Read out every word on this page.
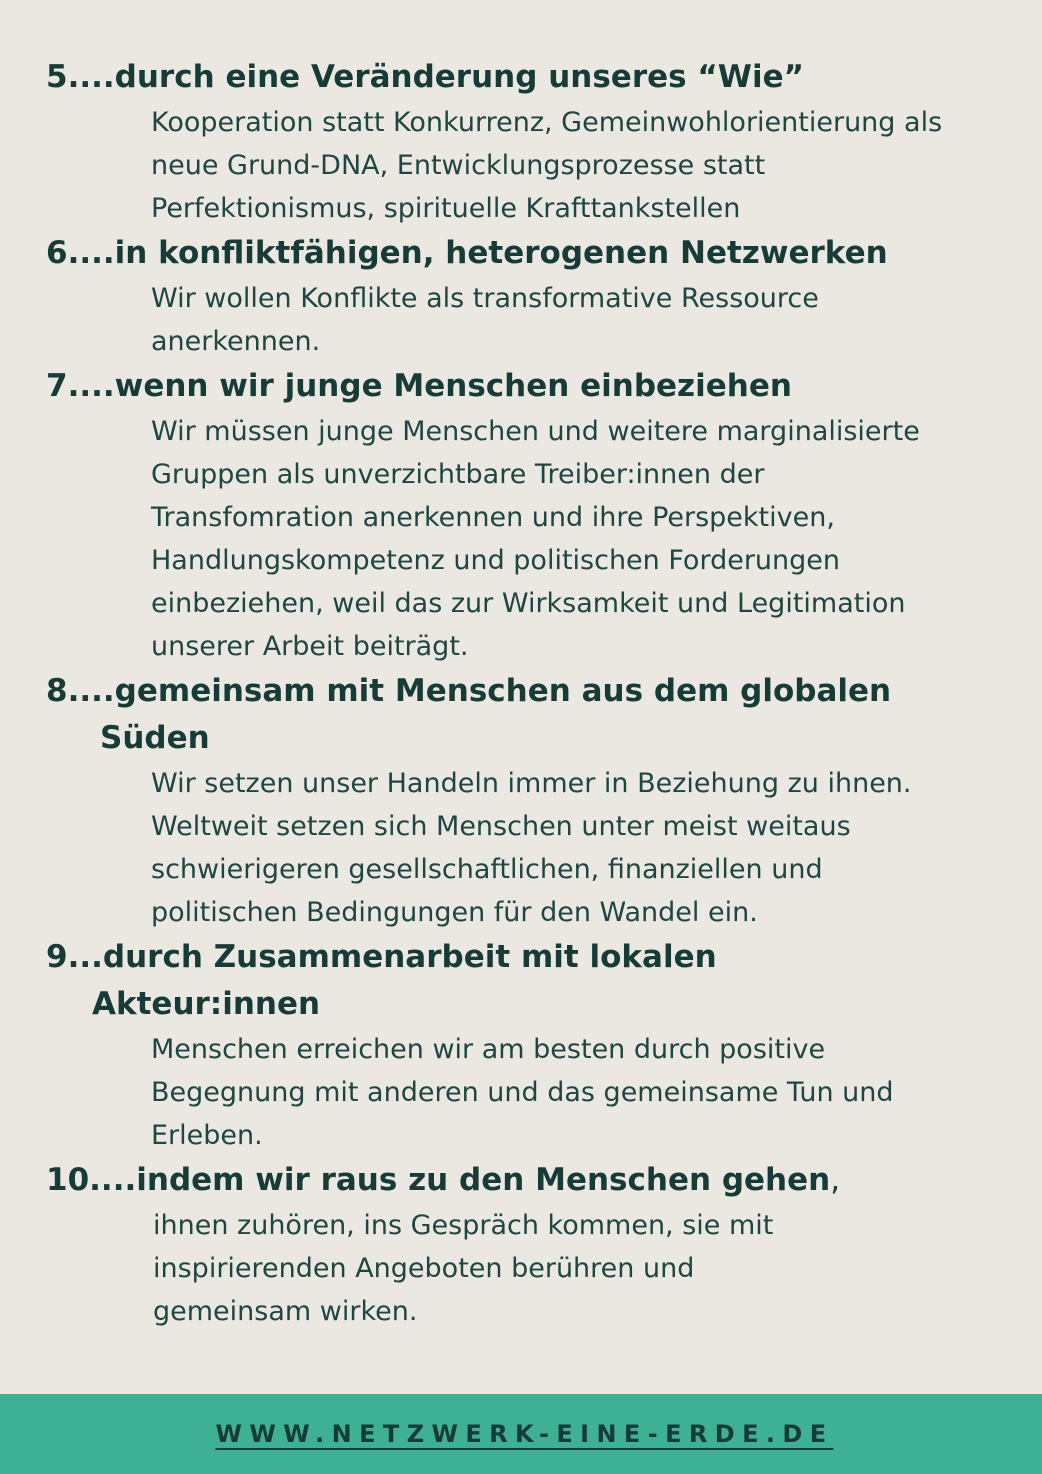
5....durch eine Veränderung unseres “Wie”
Kooperation statt Konkurrenz, Gemeinwohlorientierung als
neue Grund-DNA, Entwicklungsprozesse statt
Perfektionismus, spirituelle Krafttankstellen
6....in konfliktfähigen, heterogenen Netzwerken
Wir wollen Konflikte als transformative Ressource
anerkennen.
7....wenn wir junge Menschen einbeziehen
Wir müssen junge Menschen und weitere marginalisierte
Gruppen als unverzichtbare Treiber:innen der
Transfomration anerkennen und ihre Perspektiven,
Handlungskompetenz und politischen Forderungen
einbeziehen, weil das zur Wirksamkeit und Legitimation
unserer Arbeit beiträgt.
8....gemeinsam mit Menschen aus dem globalen
Süden
Wir setzen unser Handeln immer in Beziehung zu ihnen.
Weltweit setzen sich Menschen unter meist weitaus
schwierigeren gesellschaftlichen, finanziellen und
politischen Bedingungen für den Wandel ein.
9...durch Zusammenarbeit mit lokalen
Akteur:innen
Menschen erreichen wir am besten durch positive
Begegnung mit anderen und das gemeinsame Tun und
Erleben.
10....indem wir raus zu den Menschen gehen,
ihnen zuhören, ins Gespräch kommen, sie mit
inspirierenden Angeboten berühren und
gemeinsam wirken.
WWW.NETZWERK-EINE-ERDE.DE
